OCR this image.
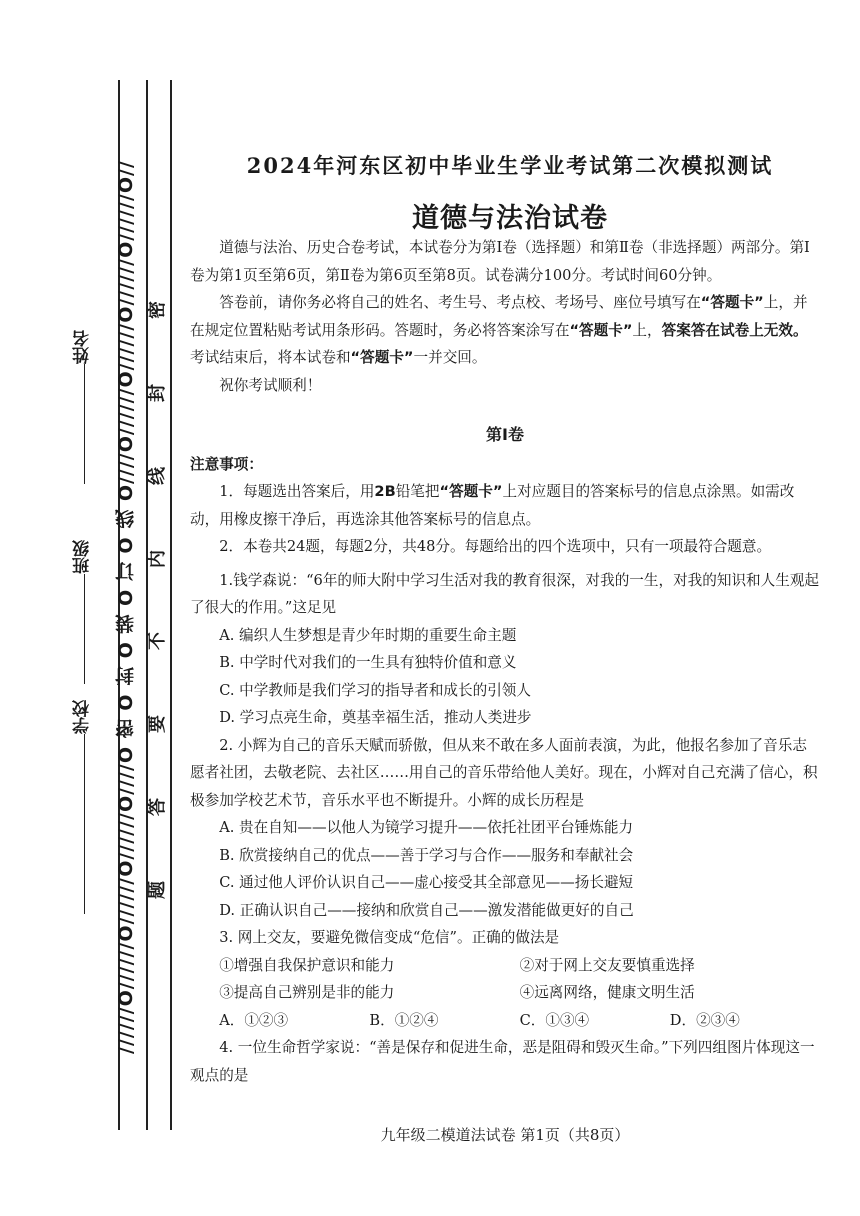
//////O//////O//////O//////O////O 密 O 封 O 装 O 订 O 线 O////O//////O//////O//////O//////O// 密
封
线
内
不
要
答
题
学校
班级
姓名
2024年河东区初中毕业生学业考试第二次模拟测试
道德与法治试卷

道德与法治、历史合卷考试，本试卷分为第Ⅰ卷（选择题）和第Ⅱ卷（非选择题）两部分。第Ⅰ卷为第1页至第6页，第Ⅱ卷为第6页至第8页。试卷满分100分。考试时间60分钟。

答卷前，请你务必将自己的姓名、考生号、考点校、考场号、座位号填写在“答题卡”上，并在规定位置粘贴考试用条形码。答题时，务必将答案涂写在“答题卡”上，答案答在试卷上无效。考试结束后，将本试卷和“答题卡”一并交回。

祝你考试顺利！

第Ⅰ卷

注意事项：

1．每题选出答案后，用2B铅笔把“答题卡”上对应题目的答案标号的信息点涂黑。如需改动，用橡皮擦干净后，再选涂其他答案标号的信息点。

2．本卷共24题，每题2分，共48分。每题给出的四个选项中，只有一项最符合题意。

1.钱学森说：“6年的师大附中学习生活对我的教育很深，对我的一生，对我的知识和人生观起了很大的作用。”这足见

A. 编织人生梦想是青少年时期的重要生命主题

B. 中学时代对我们的一生具有独特价值和意义

C. 中学教师是我们学习的指导者和成长的引领人

D. 学习点亮生命，奠基幸福生活，推动人类进步

2. 小辉为自己的音乐天赋而骄傲，但从来不敢在多人面前表演，为此，他报名参加了音乐志愿者社团，去敬老院、去社区……用自己的音乐带给他人美好。现在，小辉对自己充满了信心，积极参加学校艺术节，音乐水平也不断提升。小辉的成长历程是

A. 贵在自知——以他人为镜学习提升——依托社团平台锤炼能力

B. 欣赏接纳自己的优点——善于学习与合作——服务和奉献社会

C. 通过他人评价认识自己——虚心接受其全部意见——扬长避短

D. 正确认识自己——接纳和欣赏自己——激发潜能做更好的自己

3. 网上交友，要避免微信变成“危信”。正确的做法是

①增强自我保护意识和能力	②对于网上交友要慎重选择
③提高自己辨别是非的能力	④远离网络，健康文明生活
A．①②③	B．①②④	C．①③④	D．②③④

4. 一位生命哲学家说：“善是保存和促进生命，恶是阻碍和毁灭生命。”下列四组图片体现这一观点的是

九年级二模道法试卷 第1页（共8页）
